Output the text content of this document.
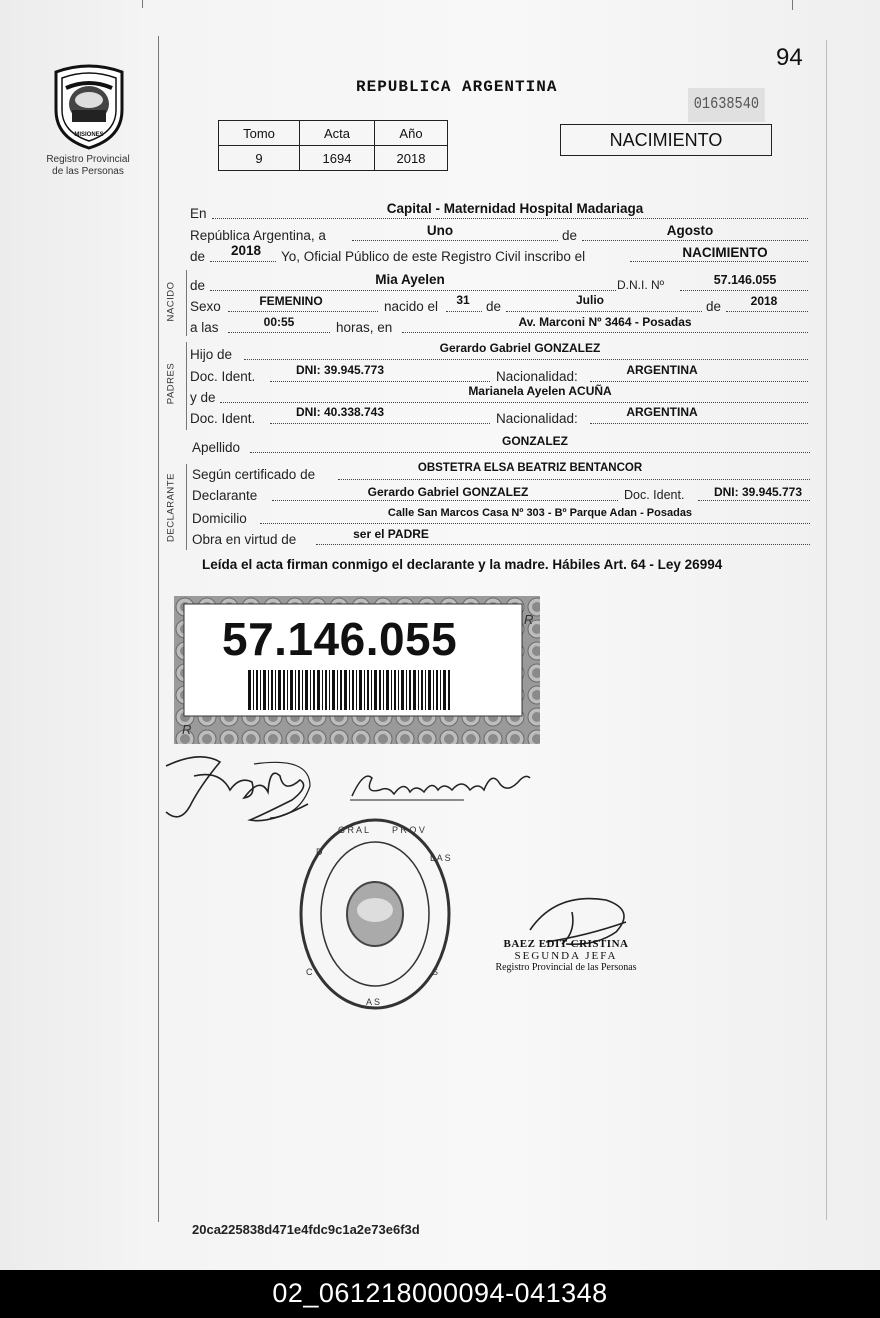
94
MISIONES
Registro Provincial
de las Personas
REPUBLICA ARGENTINA
01638540
Tomo	Acta	Año
9	1694	2018
NACIMIENTO
En	Capital - Maternidad Hospital Madariaga
República Argentina, a	Uno	de	Agosto
de	2018	Yo, Oficial Público de este Registro Civil inscribo el	NACIMIENTO
NACIDO de	Mia Ayelen	D.N.I. Nº	57.146.055
Sexo	FEMENINO	nacido el	31	de	Julio	de	2018
a las	00:55	horas, en	Av. Marconi Nº 3464 - Posadas
PADRES
Hijo de	Gerardo Gabriel GONZALEZ
Doc. Ident.	DNI: 39.945.773	Nacionalidad:	ARGENTINA
y de	Marianela Ayelen ACUÑA
Doc. Ident.	DNI: 40.338.743	Nacionalidad:	ARGENTINA
Apellido	GONZALEZ
DECLARANTE Según certificado de	OBSTETRA ELSA BEATRIZ BENTANCOR
Declarante	Gerardo Gabriel GONZALEZ	Doc. Ident.	DNI: 39.945.773
Domicilio	Calle San Marcos Casa Nº 303 - Bº Parque Adan - Posadas
Obra en virtud de	ser el PADRE
Leída el acta firman conmigo el declarante y la madre. Hábiles Art. 64 - Ley 26994
R
R
57.146.055
D
G R A L	P R O V
L A S
C	S
A S
BAEZ EDIT CRISTINA
SEGUNDA JEFA
Registro Provincial de las Personas
20ca225838d471e4fdc9c1a2e73e6f3d
02_061218000094-041348
